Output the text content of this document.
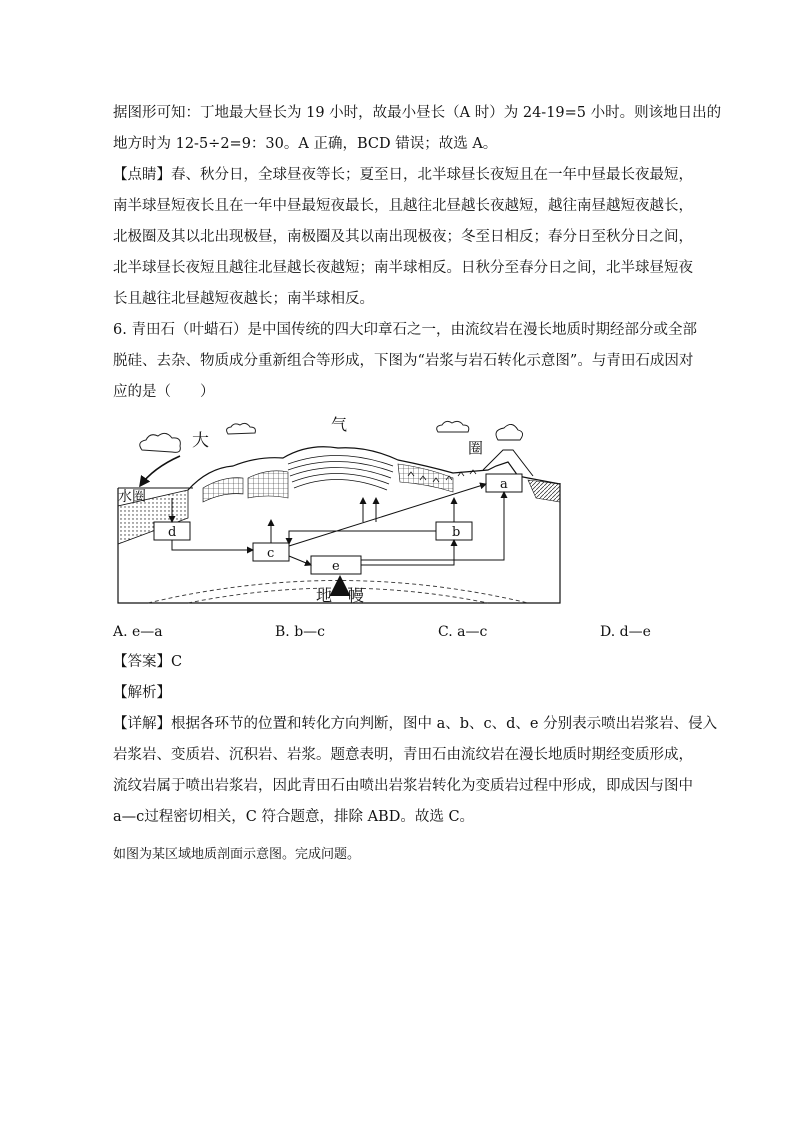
据图形可知：丁地最大昼长为 19 小时，故最小昼长（A 时）为 24-19=5 小时。则该地日出的
地方时为 12-5÷2=9：30。A 正确，BCD 错误；故选 A。
【点睛】春、秋分日，全球昼夜等长；夏至日，北半球昼长夜短且在一年中昼最长夜最短，
南半球昼短夜长且在一年中昼最短夜最长，且越往北昼越长夜越短，越往南昼越短夜越长，
北极圈及其以北出现极昼，南极圈及其以南出现极夜；冬至日相反；春分日至秋分日之间，
北半球昼长夜短且越往北昼越长夜越短；南半球相反。日秋分至春分日之间，北半球昼短夜
长且越往北昼越短夜越长；南半球相反。
6. 青田石（叶蜡石）是中国传统的四大印章石之一，由流纹岩在漫长地质时期经部分或全部
脱硅、去杂、物质成分重新组合等形成，下图为“岩浆与岩石转化示意图”。与青田石成因对
应的是（　　）
大
气
圈
水圈
a
d	b
c
e
地 幔
A. e—a	B. b—c	C. a—c	D. d—e
【答案】C
【解析】
【详解】根据各环节的位置和转化方向判断，图中 a、b、c、d、e 分别表示喷出岩浆岩、侵入
岩浆岩、变质岩、沉积岩、岩浆。题意表明，青田石由流纹岩在漫长地质时期经变质形成，
流纹岩属于喷出岩浆岩，因此青田石由喷出岩浆岩转化为变质岩过程中形成，即成因与图中
a—c过程密切相关，C 符合题意，排除 ABD。故选 C。
如图为某区域地质剖面示意图。完成问题。
